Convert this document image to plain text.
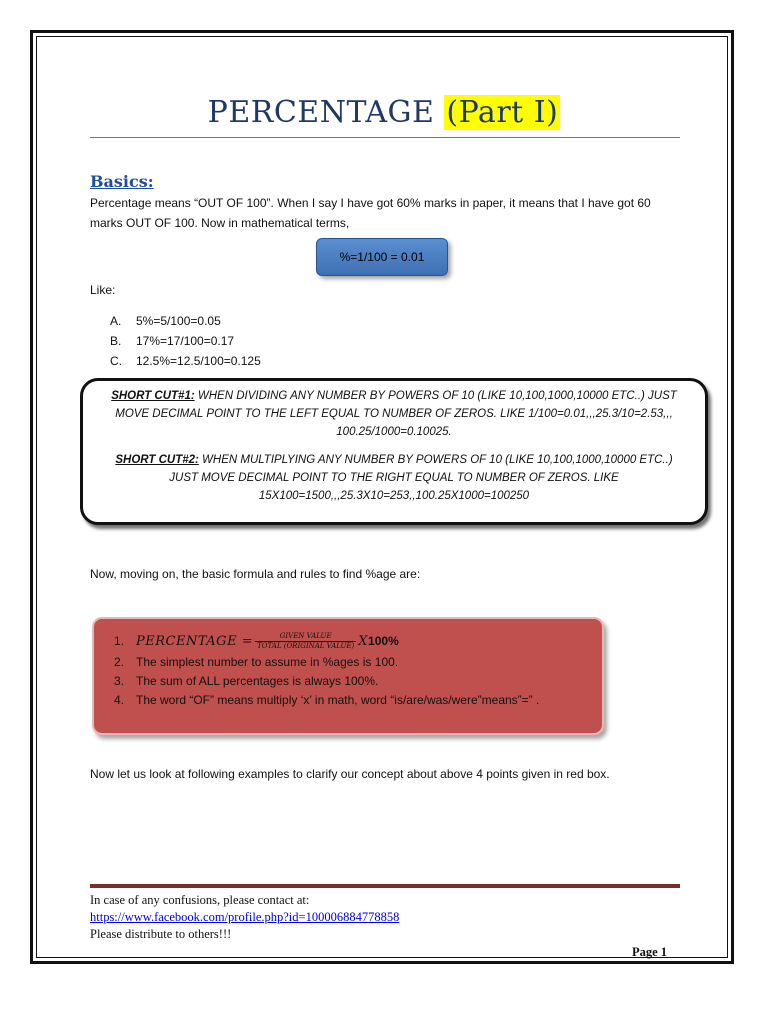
PERCENTAGE (Part I)
Basics:
Percentage means “OUT OF 100”. When I say I have got 60% marks in paper, it means that I have got 60
marks OUT OF 100. Now in mathematical terms,
%=1/100 = 0.01
Like:
A. 5%=5/100=0.05
B. 17%=17/100=0.17
C. 12.5%=12.5/100=0.125

SHORT CUT#1: WHEN DIVIDING ANY NUMBER BY POWERS OF 10 (LIKE 10,100,1000,10000 ETC..) JUST
MOVE DECIMAL POINT TO THE LEFT EQUAL TO NUMBER OF ZEROS. LIKE 1/100=0.01,,,25.3/10=2.53,,,
100.25/1000=0.10025.

SHORT CUT#2: WHEN MULTIPLYING ANY NUMBER BY POWERS OF 10 (LIKE 10,100,1000,10000 ETC..)
JUST MOVE DECIMAL POINT TO THE RIGHT EQUAL TO NUMBER OF ZEROS. LIKE
15X100=1500,,,25.3X10=253,,100.25X1000=100250

Now, moving on, the basic formula and rules to find %age are:
1. PERCENTAGE = $\frac{\text{GIVEN VALUE}}{\text{TOTAL (ORIGINAL VALUE)}} X100\%$
2. The simplest number to assume in %ages is 100.
3. The sum of ALL percentages is always 100%.
4. The word “OF” means multiply ‘x’ in math, word “is/are/was/were”means”=” .
Now let us look at following examples to clarify our concept about above 4 points given in red box.
In case of any confusions, please contact at:
https://www.facebook.com/profile.php?id=100006884778858
Please distribute to others!!!
Page 1
